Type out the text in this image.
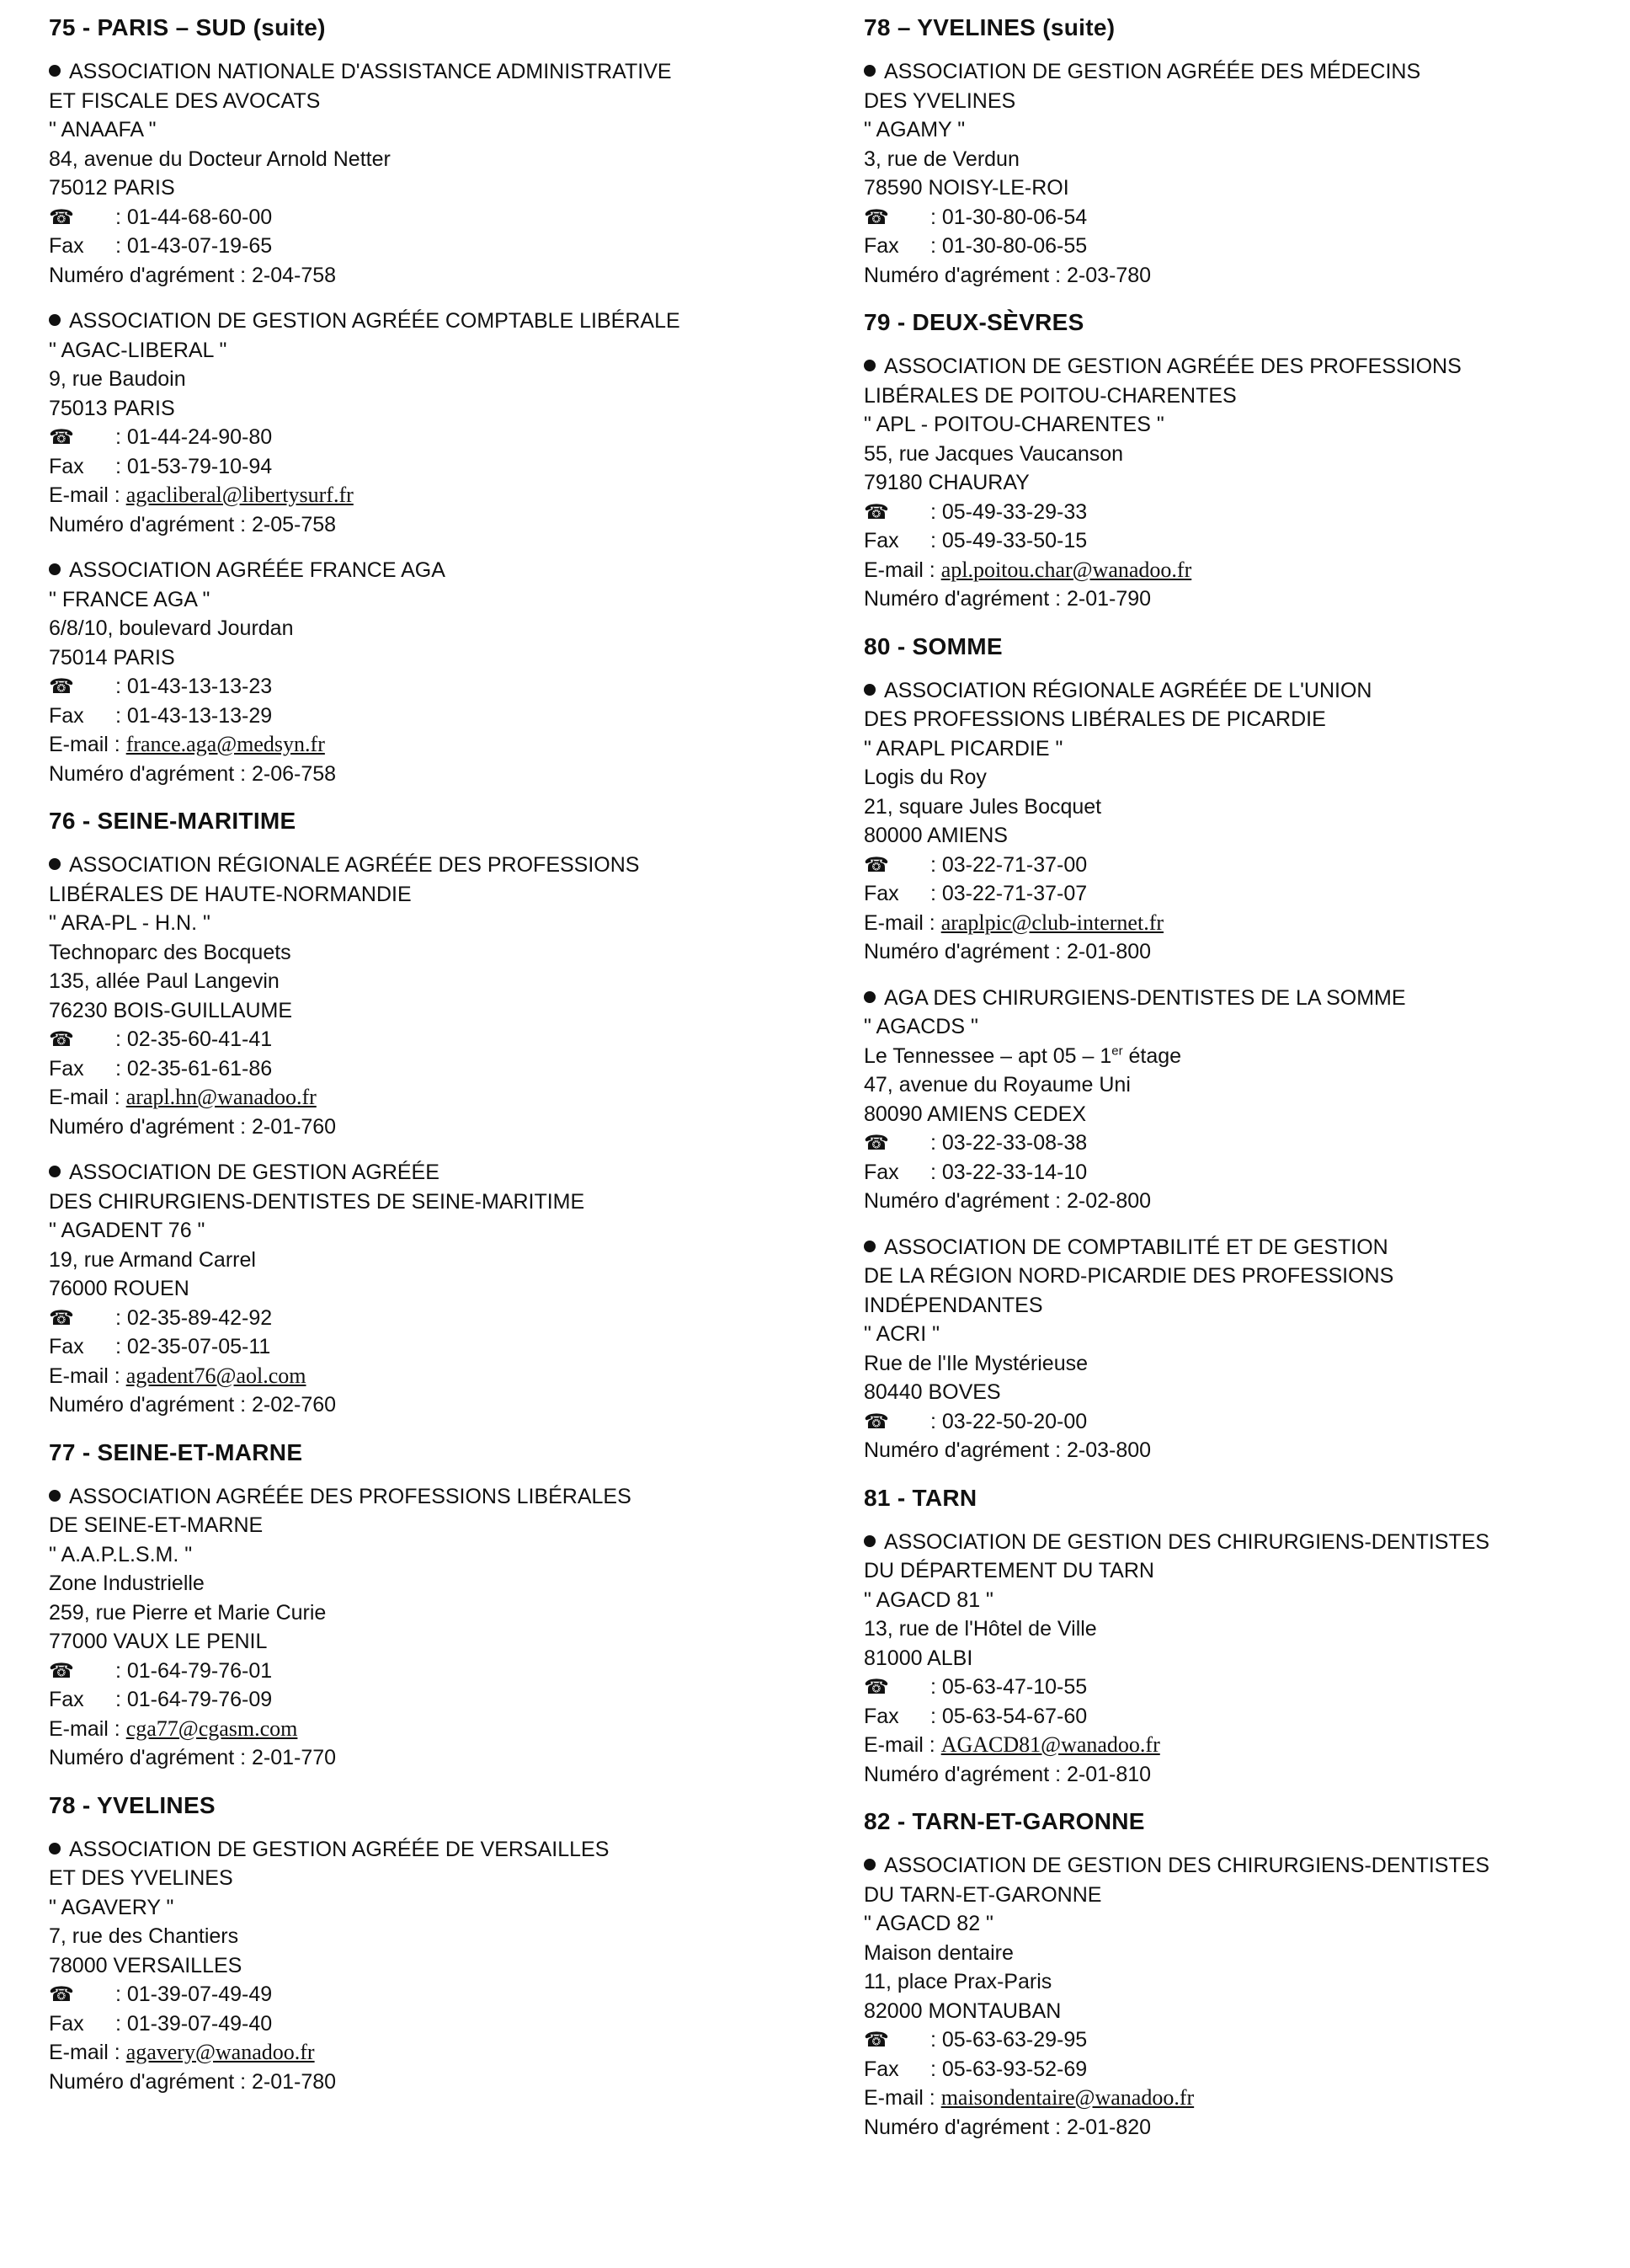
75 - PARIS – SUD (suite)
ASSOCIATION NATIONALE D'ASSISTANCE ADMINISTRATIVE
ET FISCALE DES AVOCATS
" ANAAFA "
84, avenue du Docteur Arnold Netter
75012 PARIS
☎ : 01-44-68-60-00
Fax : 01-43-07-19-65
Numéro d'agrément : 2-04-758
ASSOCIATION DE GESTION AGRÉÉE COMPTABLE LIBÉRALE
" AGAC-LIBERAL "
9, rue Baudoin
75013 PARIS
☎ : 01-44-24-90-80
Fax : 01-53-79-10-94
E-mail : agacliberal@libertysurf.fr
Numéro d'agrément : 2-05-758
ASSOCIATION AGRÉÉE FRANCE AGA
" FRANCE AGA "
6/8/10, boulevard Jourdan
75014 PARIS
☎ : 01-43-13-13-23
Fax : 01-43-13-13-29
E-mail : france.aga@medsyn.fr
Numéro d'agrément : 2-06-758
76 - SEINE-MARITIME
ASSOCIATION RÉGIONALE AGRÉÉE DES PROFESSIONS
LIBÉRALES DE HAUTE-NORMANDIE
" ARA-PL - H.N. "
Technoparc des Bocquets
135, allée Paul Langevin
76230 BOIS-GUILLAUME
☎ : 02-35-60-41-41
Fax : 02-35-61-61-86
E-mail : arapl.hn@wanadoo.fr
Numéro d'agrément : 2-01-760
ASSOCIATION DE GESTION AGRÉÉE
DES CHIRURGIENS-DENTISTES DE SEINE-MARITIME
" AGADENT 76 "
19, rue Armand Carrel
76000 ROUEN
☎ : 02-35-89-42-92
Fax : 02-35-07-05-11
E-mail : agadent76@aol.com
Numéro d'agrément : 2-02-760
77 - SEINE-ET-MARNE
ASSOCIATION AGRÉÉE DES PROFESSIONS LIBÉRALES
DE SEINE-ET-MARNE
" A.A.P.L.S.M. "
Zone Industrielle
259, rue Pierre et Marie Curie
77000 VAUX LE PENIL
☎ : 01-64-79-76-01
Fax : 01-64-79-76-09
E-mail : cga77@cgasm.com
Numéro d'agrément : 2-01-770
78 - YVELINES
ASSOCIATION DE GESTION AGRÉÉE DE VERSAILLES
ET DES YVELINES
" AGAVERY "
7, rue des Chantiers
78000 VERSAILLES
☎ : 01-39-07-49-49
Fax : 01-39-07-49-40
E-mail : agavery@wanadoo.fr
Numéro d'agrément : 2-01-780
78 – YVELINES (suite)
ASSOCIATION DE GESTION AGRÉÉE DES MÉDECINS
DES YVELINES
" AGAMY "
3, rue de Verdun
78590 NOISY-LE-ROI
☎ : 01-30-80-06-54
Fax : 01-30-80-06-55
Numéro d'agrément : 2-03-780
79 - DEUX-SÈVRES
ASSOCIATION DE GESTION AGRÉÉE DES PROFESSIONS
LIBÉRALES DE POITOU-CHARENTES
" APL - POITOU-CHARENTES "
55, rue Jacques Vaucanson
79180 CHAURAY
☎ : 05-49-33-29-33
Fax : 05-49-33-50-15
E-mail : apl.poitou.char@wanadoo.fr
Numéro d'agrément : 2-01-790
80 - SOMME
ASSOCIATION RÉGIONALE AGRÉÉE DE L'UNION
DES PROFESSIONS LIBÉRALES DE PICARDIE
" ARAPL PICARDIE "
Logis du Roy
21, square Jules Bocquet
80000 AMIENS
☎ : 03-22-71-37-00
Fax : 03-22-71-37-07
E-mail : araplpic@club-internet.fr
Numéro d'agrément : 2-01-800
AGA DES CHIRURGIENS-DENTISTES DE LA SOMME
" AGACDS "
Le Tennessee – apt 05 – 1er étage
47, avenue du Royaume Uni
80090 AMIENS CEDEX
☎ : 03-22-33-08-38
Fax : 03-22-33-14-10
Numéro d'agrément : 2-02-800
ASSOCIATION DE COMPTABILITÉ ET DE GESTION
DE LA RÉGION NORD-PICARDIE DES PROFESSIONS
INDÉPENDANTES
" ACRI "
Rue de l'Ile Mystérieuse
80440 BOVES
☎ : 03-22-50-20-00
Numéro d'agrément : 2-03-800
81 - TARN
ASSOCIATION DE GESTION DES CHIRURGIENS-DENTISTES
DU DÉPARTEMENT DU TARN
" AGACD 81 "
13, rue de l'Hôtel de Ville
81000 ALBI
☎ : 05-63-47-10-55
Fax : 05-63-54-67-60
E-mail : AGACD81@wanadoo.fr
Numéro d'agrément : 2-01-810
82 - TARN-ET-GARONNE
ASSOCIATION DE GESTION DES CHIRURGIENS-DENTISTES
DU TARN-ET-GARONNE
" AGACD 82 "
Maison dentaire
11, place Prax-Paris
82000 MONTAUBAN
☎ : 05-63-63-29-95
Fax : 05-63-93-52-69
E-mail : maisondentaire@wanadoo.fr
Numéro d'agrément : 2-01-820
